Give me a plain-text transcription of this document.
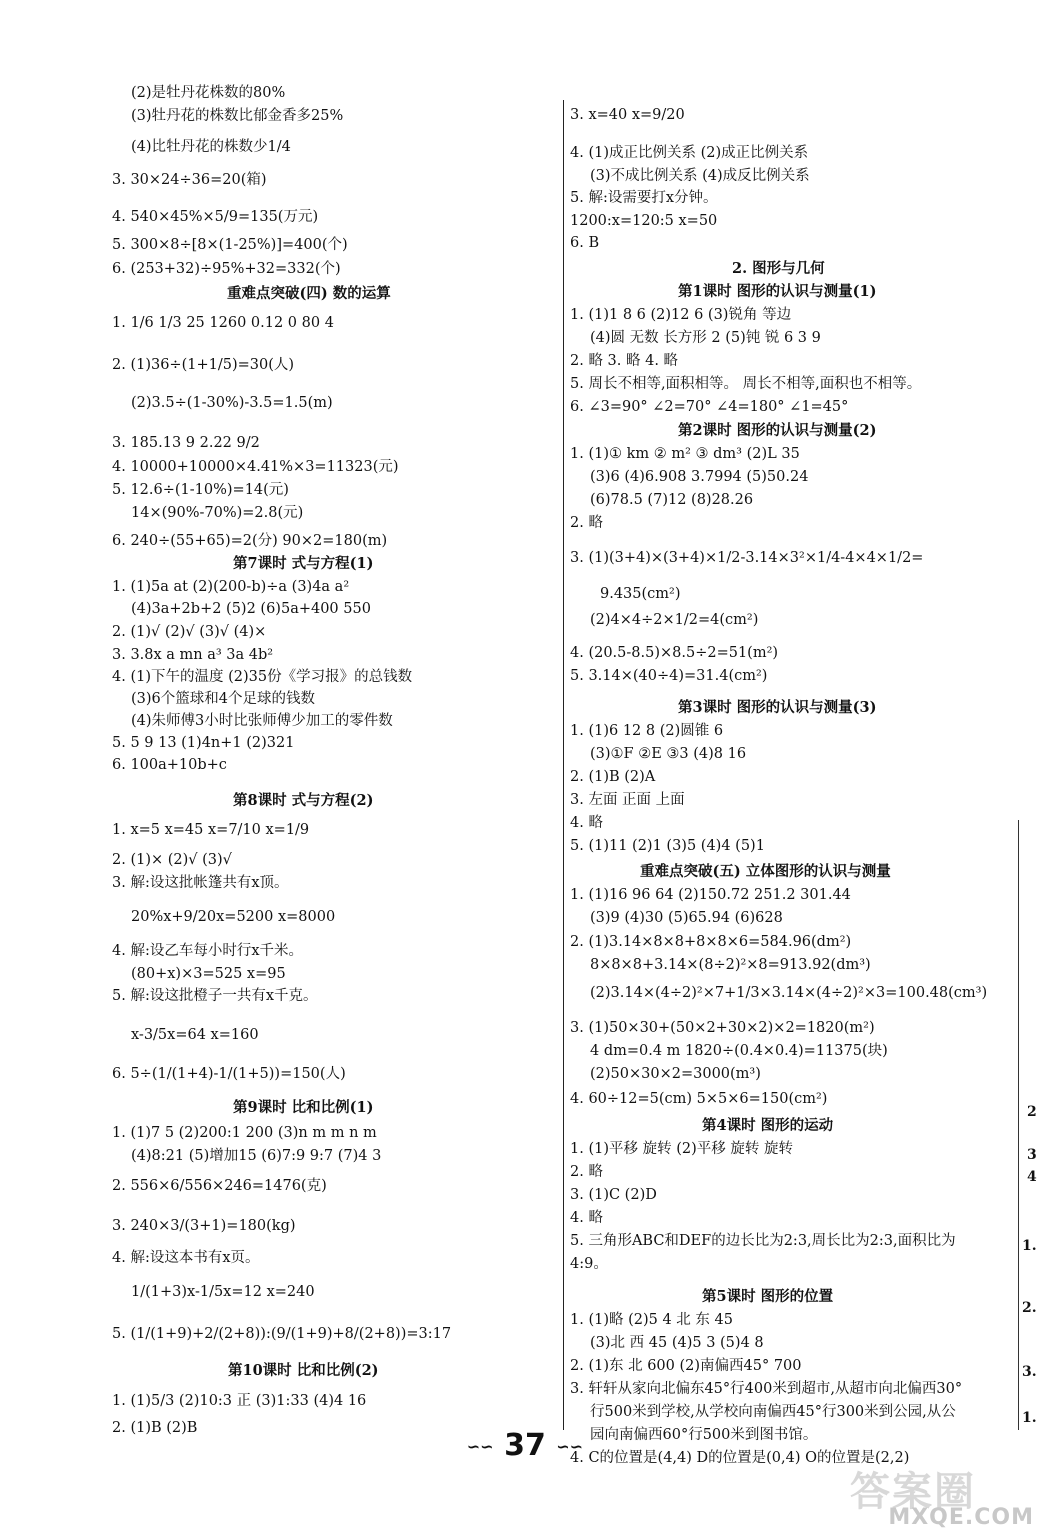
(2)是牡丹花株数的80%
(3)牡丹花的株数比郁金香多25%
(4)比牡丹花的株数少1/4
3. 30×24÷36=20(箱)
4. 540×45%×5/9=135(万元)
5. 300×8÷[8×(1-25%)]=400(个)
6. (253+32)÷95%+32=332(个)
重难点突破(四) 数的运算
1. 1/6 1/3 25 1260 0.12 0 80 4
2. (1)36÷(1+1/5)=30(人)
(2)3.5÷(1-30%)-3.5=1.5(m)
3. 185.13 9 2.22 9/2
4. 10000+10000×4.41%×3=11323(元)
5. 12.6÷(1-10%)=14(元)
14×(90%-70%)=2.8(元)
6. 240÷(55+65)=2(分) 90×2=180(m)
第7课时 式与方程(1)
1. (1)5a at (2)(200-b)÷a (3)4a a²
(4)3a+2b+2 (5)2 (6)5a+400 550
2. (1)√ (2)√ (3)√ (4)×
3. 3.8x a mn a³ 3a 4b²
4. (1)下午的温度 (2)35份《学习报》的总钱数
(3)6个篮球和4个足球的钱数
(4)朱师傅3小时比张师傅少加工的零件数
5. 5 9 13 (1)4n+1 (2)321
6. 100a+10b+c
第8课时 式与方程(2)
1. x=5 x=45 x=7/10 x=1/9
2. (1)× (2)√ (3)√
3. 解:设这批帐篷共有x顶。
20%x+9/20x=5200 x=8000
4. 解:设乙车每小时行x千米。
(80+x)×3=525 x=95
5. 解:设这批橙子一共有x千克。
x-3/5x=64 x=160
6. 5÷(1/(1+4)-1/(1+5))=150(人)
第9课时 比和比例(1)
1. (1)7 5 (2)200:1 200 (3)n m m n m
(4)8:21 (5)增加15 (6)7:9 9:7 (7)4 3
2. 556×6/556×246=1476(克)
3. 240×3/(3+1)=180(kg)
4. 解:设这本书有x页。
1/(1+3)x-1/5x=12 x=240
5. (1/(1+9)+2/(2+8)):(9/(1+9)+8/(2+8))=3:17
第10课时 比和比例(2)
1. (1)5/3 (2)10:3 正 (3)1:33 (4)4 16
2. (1)B (2)B
3. x=40 x=9/20
4. (1)成正比例关系 (2)成正比例关系
(3)不成比例关系 (4)成反比例关系
5. 解:设需要打x分钟。
1200:x=120:5 x=50
6. B
2. 图形与几何
第1课时 图形的认识与测量(1)
1. (1)1 8 6 (2)12 6 (3)锐角 等边
(4)圆 无数 长方形 2 (5)钝 锐 6 3 9
2. 略 3. 略 4. 略
5. 周长不相等,面积相等。 周长不相等,面积也不相等。
6. ∠3=90° ∠2=70° ∠4=180° ∠1=45°
第2课时 图形的认识与测量(2)
1. (1)① km ② m² ③ dm³ (2)L 35
(3)6 (4)6.908 3.7994 (5)50.24
(6)78.5 (7)12 (8)28.26
2. 略
3. (1)(3+4)×(3+4)×1/2-3.14×3²×1/4-4×4×1/2=
9.435(cm²)
(2)4×4÷2×1/2=4(cm²)
4. (20.5-8.5)×8.5÷2=51(m²)
5. 3.14×(40÷4)=31.4(cm²)
第3课时 图形的认识与测量(3)
1. (1)6 12 8 (2)圆锥 6
(3)①F ②E ③3 (4)8 16
2. (1)B (2)A
3. 左面 正面 上面
4. 略
5. (1)11 (2)1 (3)5 (4)4 (5)1
重难点突破(五) 立体图形的认识与测量
1. (1)16 96 64 (2)150.72 251.2 301.44
(3)9 (4)30 (5)65.94 (6)628
2. (1)3.14×8×8+8×8×6=584.96(dm²)
8×8×8+3.14×(8÷2)²×8=913.92(dm³)
(2)3.14×(4÷2)²×7+1/3×3.14×(4÷2)²×3=100.48(cm³)
3. (1)50×30+(50×2+30×2)×2=1820(m²)
4 dm=0.4 m 1820÷(0.4×0.4)=11375(块)
(2)50×30×2=3000(m³)
4. 60÷12=5(cm) 5×5×6=150(cm²)
第4课时 图形的运动
1. (1)平移 旋转 (2)平移 旋转 旋转
2. 略
3. (1)C (2)D
4. 略
5. 三角形ABC和DEF的边长比为2:3,周长比为2:3,面积比为
4:9。
第5课时 图形的位置
1. (1)略 (2)5 4 北 东 45
(3)北 西 45 (4)5 3 (5)4 8
2. (1)东 北 600 (2)南偏西45° 700
3. 轩轩从家向北偏东45°行400米到超市,从超市向北偏西30°
行500米到学校,从学校向南偏西45°行300米到公园,从公
园向南偏西60°行500米到图书馆。
4. C的位置是(4,4) D的位置是(0,4) O的位置是(2,2)
2
3
4
1.
2.
3.
1.
∽∽ 37 ∽∽
答案圈
MXQE.COM
